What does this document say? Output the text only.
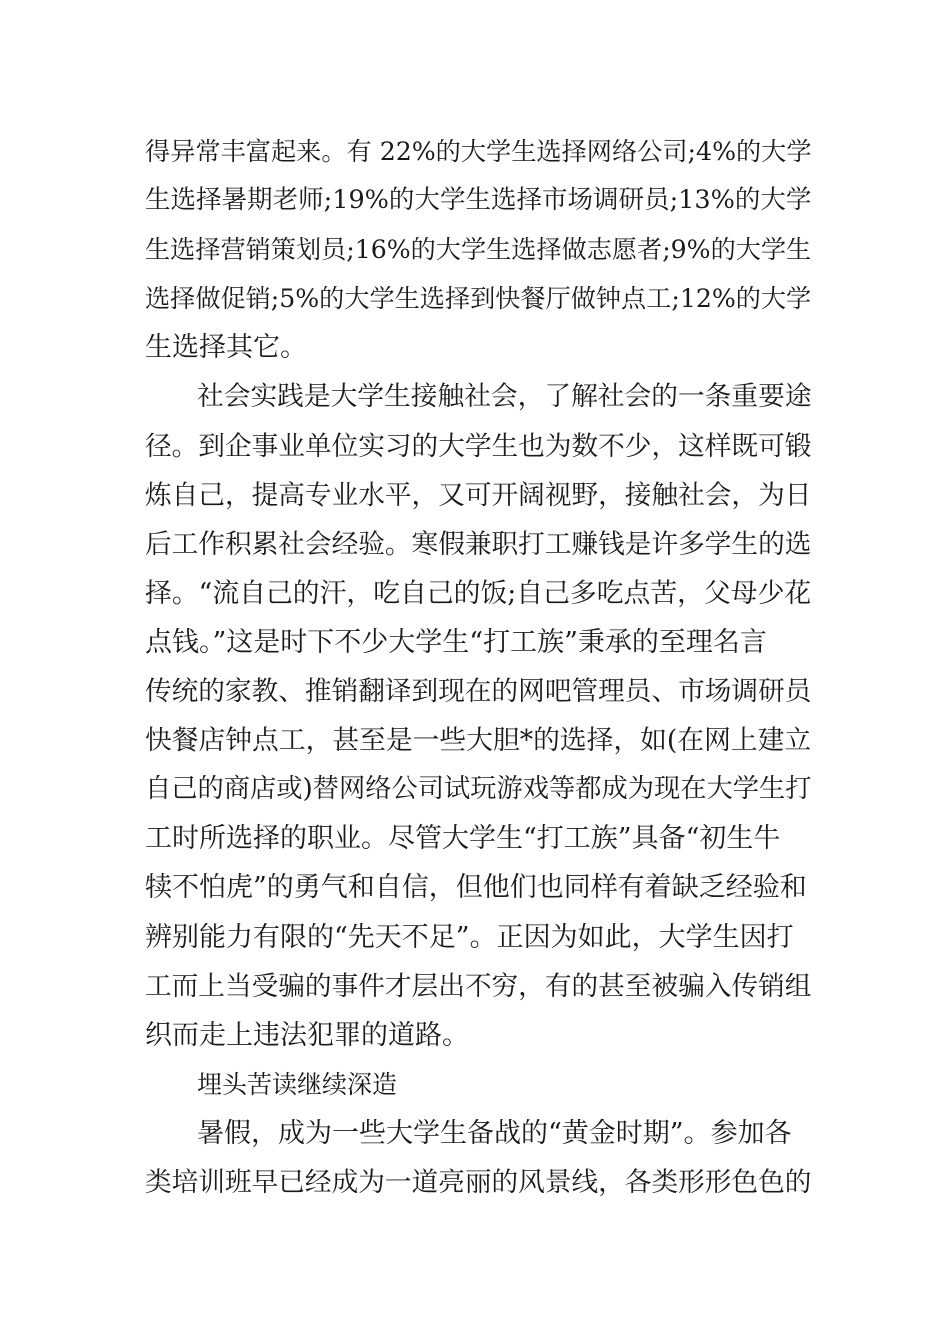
得异常丰富起来。有 22%的大学生选择网络公司;4%的大学
生选择暑期老师;19%的大学生选择市场调研员;13%的大学
生选择营销策划员;16%的大学生选择做志愿者;9%的大学生
选择做促销;5%的大学生选择到快餐厅做钟点工;12%的大学
生选择其它。
社会实践是大学生接触社会，了解社会的一条重要途
径。到企事业单位实习的大学生也为数不少，这样既可锻
炼自己，提高专业水平，又可开阔视野，接触社会，为日
后工作积累社会经验。寒假兼职打工赚钱是许多学生的选
择。“流自己的汗，吃自己的饭;自己多吃点苦，父母少花
点钱。”这是时下不少大学生“打工族”秉承的至理名言
传统的家教、推销翻译到现在的网吧管理员、市场调研员
快餐店钟点工，甚至是一些大胆*的选择，如(在网上建立
自己的商店或)替网络公司试玩游戏等都成为现在大学生打
工时所选择的职业。尽管大学生“打工族”具备“初生牛
犊不怕虎”的勇气和自信，但他们也同样有着缺乏经验和
辨别能力有限的“先天不足”。正因为如此，大学生因打
工而上当受骗的事件才层出不穷，有的甚至被骗入传销组
织而走上违法犯罪的道路。
埋头苦读继续深造
暑假，成为一些大学生备战的“黄金时期”。参加各
类培训班早已经成为一道亮丽的风景线，各类形形色色的
